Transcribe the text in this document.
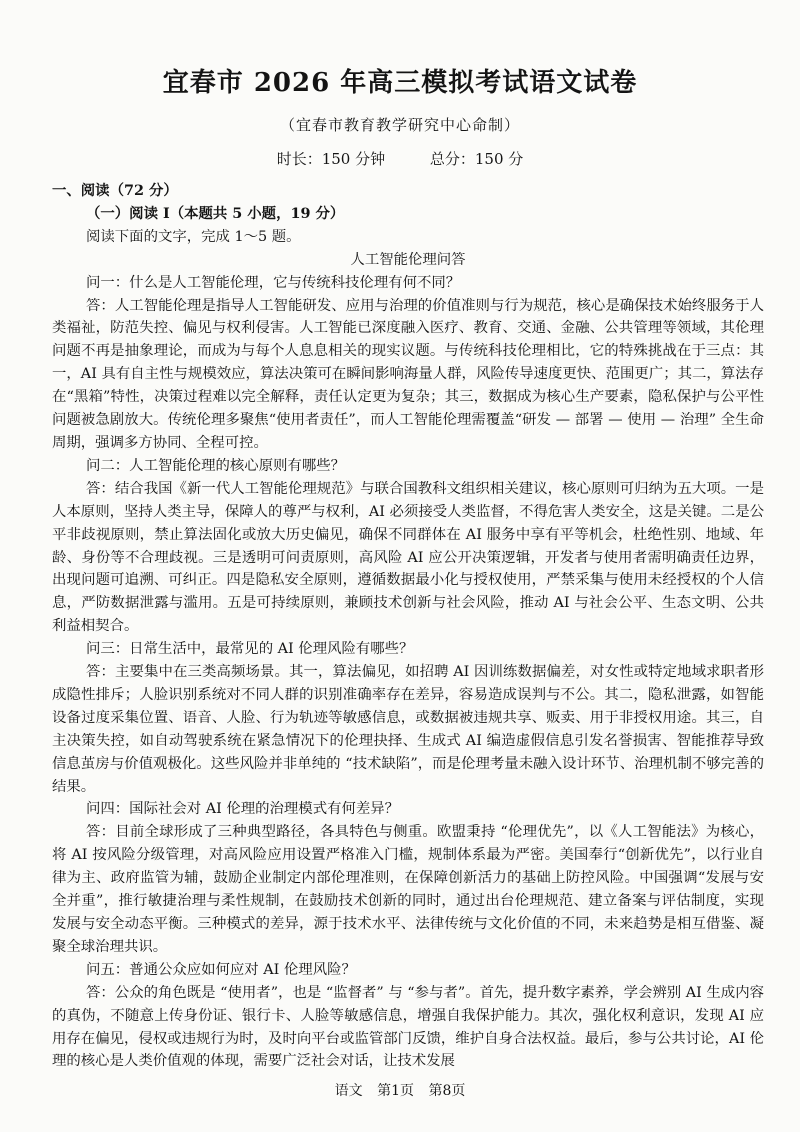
宜春市 2026 年高三模拟考试语文试卷
（宜春市教育教学研究中心命制）
时长：150 分钟	总分：150 分

一、阅读（72 分）

（一）阅读 Ⅰ（本题共 5 小题，19 分）

阅读下面的文字，完成 1～5 题。

人工智能伦理问答

问一：什么是人工智能伦理，它与传统科技伦理有何不同？

答：人工智能伦理是指导人工智能研发、应用与治理的价值准则与行为规范，核心是确保技术始终服务于人类福祉，防范失控、偏见与权利侵害。人工智能已深度融入医疗、教育、交通、金融、公共管理等领域，其伦理问题不再是抽象理论，而成为与每个人息息相关的现实议题。与传统科技伦理相比，它的特殊挑战在于三点：其一，AI 具有自主性与规模效应，算法决策可在瞬间影响海量人群，风险传导速度更快、范围更广；其二，算法存在“黑箱”特性，决策过程难以完全解释，责任认定更为复杂；其三，数据成为核心生产要素，隐私保护与公平性问题被急剧放大。传统伦理多聚焦“使用者责任”，而人工智能伦理需覆盖“研发 — 部署 — 使用 — 治理” 全生命周期，强调多方协同、全程可控。

问二：人工智能伦理的核心原则有哪些？

答：结合我国《新一代人工智能伦理规范》与联合国教科文组织相关建议，核心原则可归纳为五大项。一是人本原则，坚持人类主导，保障人的尊严与权利，AI 必须接受人类监督，不得危害人类安全，这是关键。二是公平非歧视原则，禁止算法固化或放大历史偏见，确保不同群体在 AI 服务中享有平等机会，杜绝性别、地域、年龄、身份等不合理歧视。三是透明可问责原则，高风险 AI 应公开决策逻辑，开发者与使用者需明确责任边界，出现问题可追溯、可纠正。四是隐私安全原则，遵循数据最小化与授权使用，严禁采集与使用未经授权的个人信息，严防数据泄露与滥用。五是可持续原则，兼顾技术创新与社会风险，推动 AI 与社会公平、生态文明、公共利益相契合。

问三：日常生活中，最常见的 AI 伦理风险有哪些？

答：主要集中在三类高频场景。其一，算法偏见，如招聘 AI 因训练数据偏差，对女性或特定地域求职者形成隐性排斥；人脸识别系统对不同人群的识别准确率存在差异，容易造成误判与不公。其二，隐私泄露，如智能设备过度采集位置、语音、人脸、行为轨迹等敏感信息，或数据被违规共享、贩卖、用于非授权用途。其三，自主决策失控，如自动驾驶系统在紧急情况下的伦理抉择、生成式 AI 编造虚假信息引发名誉损害、智能推荐导致信息茧房与价值观极化。这些风险并非单纯的 “技术缺陷”，而是伦理考量未融入设计环节、治理机制不够完善的结果。

问四：国际社会对 AI 伦理的治理模式有何差异？

答：目前全球形成了三种典型路径，各具特色与侧重。欧盟秉持 “伦理优先”，以《人工智能法》为核心，将 AI 按风险分级管理，对高风险应用设置严格准入门槛，规制体系最为严密。美国奉行“创新优先”，以行业自律为主、政府监管为辅，鼓励企业制定内部伦理准则，在保障创新活力的基础上防控风险。中国强调“发展与安全并重”，推行敏捷治理与柔性规制，在鼓励技术创新的同时，通过出台伦理规范、建立备案与评估制度，实现发展与安全动态平衡。三种模式的差异，源于技术水平、法律传统与文化价值的不同，未来趋势是相互借鉴、凝聚全球治理共识。

问五：普通公众应如何应对 AI 伦理风险？

答：公众的角色既是 “使用者”，也是 “监督者” 与 “参与者”。首先，提升数字素养，学会辨别 AI 生成内容的真伪，不随意上传身份证、银行卡、人脸等敏感信息，增强自我保护能力。其次，强化权利意识，发现 AI 应用存在偏见，侵权或违规行为时，及时向平台或监管部门反馈，维护自身合法权益。最后，参与公共讨论，AI 伦理的核心是人类价值观的体现，需要广泛社会对话，让技术发展

语文 第1页 第8页
